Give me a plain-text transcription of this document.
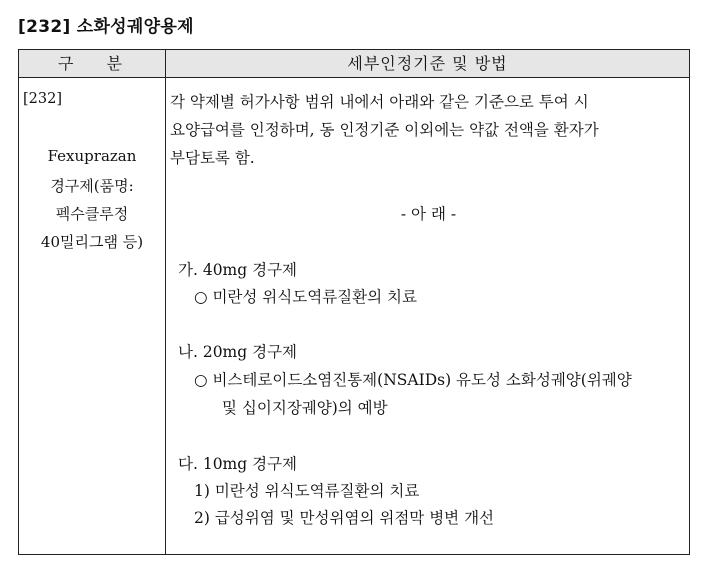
[232] 소화성궤양용제
구 분	세부인정기준 및 방법
[232]
Fexuprazan
경구제(품명:
펙수클루정
40밀리그램 등)
각 약제별 허가사항 범위 내에서 아래와 같은 기준으로 투여 시
요양급여를 인정하며, 동 인정기준 이외에는 약값 전액을 환자가
부담토록 함.
- 아 래 -
가. 40mg 경구제
○ 미란성 위식도역류질환의 치료
나. 20mg 경구제
○ 비스테로이드소염진통제(NSAIDs) 유도성 소화성궤양(위궤양
및 십이지장궤양)의 예방
다. 10mg 경구제
1) 미란성 위식도역류질환의 치료
2) 급성위염 및 만성위염의 위점막 병변 개선
